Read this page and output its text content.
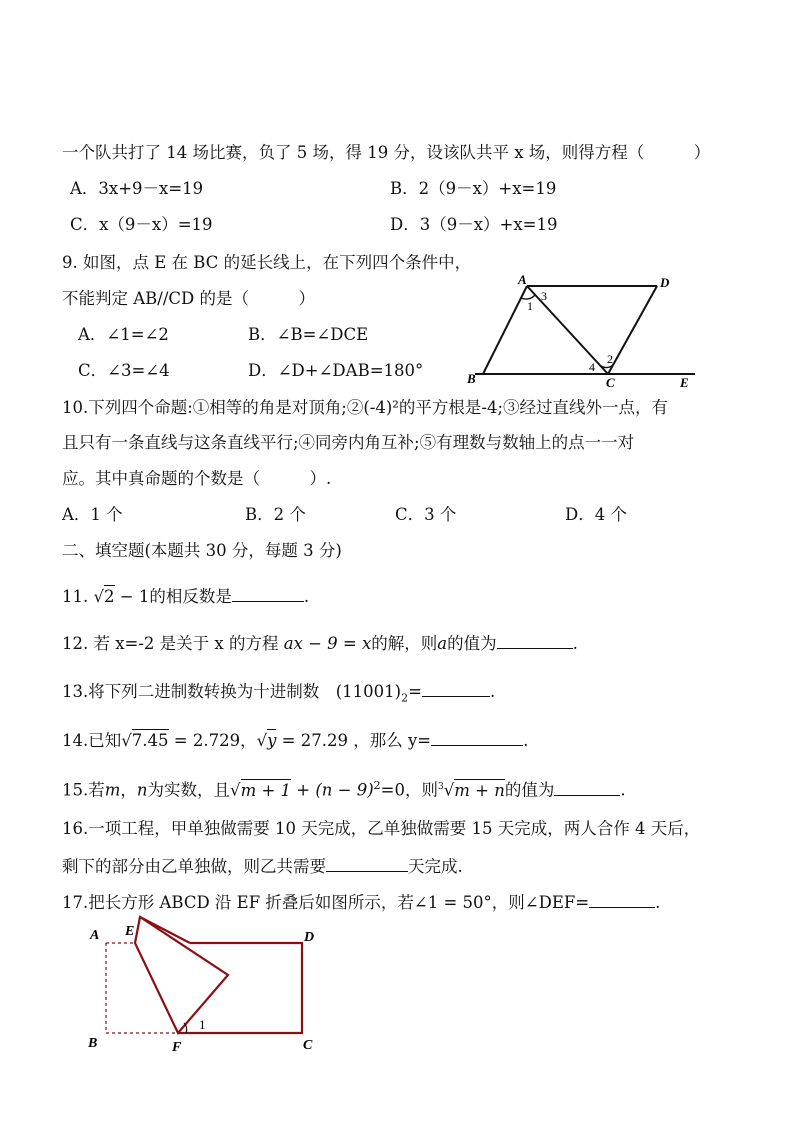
一个队共打了 14 场比赛，负了 5 场，得 19 分，设该队共平 x 场，则得方程（　　　）
A．3x+9－x=19	B．2（9－x）+x=19
C．x（9－x）=19	D．3（9－x）+x=19
9. 如图，点 E 在 BC 的延长线上，在下列四个条件中，
不能判定 AB//CD 的是（　　　）
A．∠1=∠2	B．∠B=∠DCE
C．∠3=∠4	D．∠D+∠DAB=180°
A	D
B	C	E
1
3
2
4
10.下列四个命题:①相等的角是对顶角;②(-4)²的平方根是-4;③经过直线外一点，有
且只有一条直线与这条直线平行;④同旁内角互补;⑤有理数与数轴上的点一一对
应。其中真命题的个数是（　　　）.
A．1 个	B．2 个	C．3 个	D．4 个
二、填空题(本题共 30 分，每题 3 分)
11. √2 − 1的相反数是	.
12. 若 x=-2 是关于 x 的方程 ax − 9 = x的解，则a的值为	.
13.将下列二进制数转换为十进制数　$(11001)_2=$	.
14.已知√7.45 = 2.729，√y = 27.29 ，那么 y=	.
15.若m，n为实数，且$√m + 1 + (n - 9)^2=0$，则$^3$√m + n的值为	.
16.一项工程，甲单独做需要 10 天完成，乙单独做需要 15 天完成，两人合作 4 天后，
剩下的部分由乙单独做，则乙共需要	天完成.
17.把长方形 ABCD 沿 EF 折叠后如图所示，若∠1 = 50°，则∠DEF=	.
A E	D
B	F	C
1
